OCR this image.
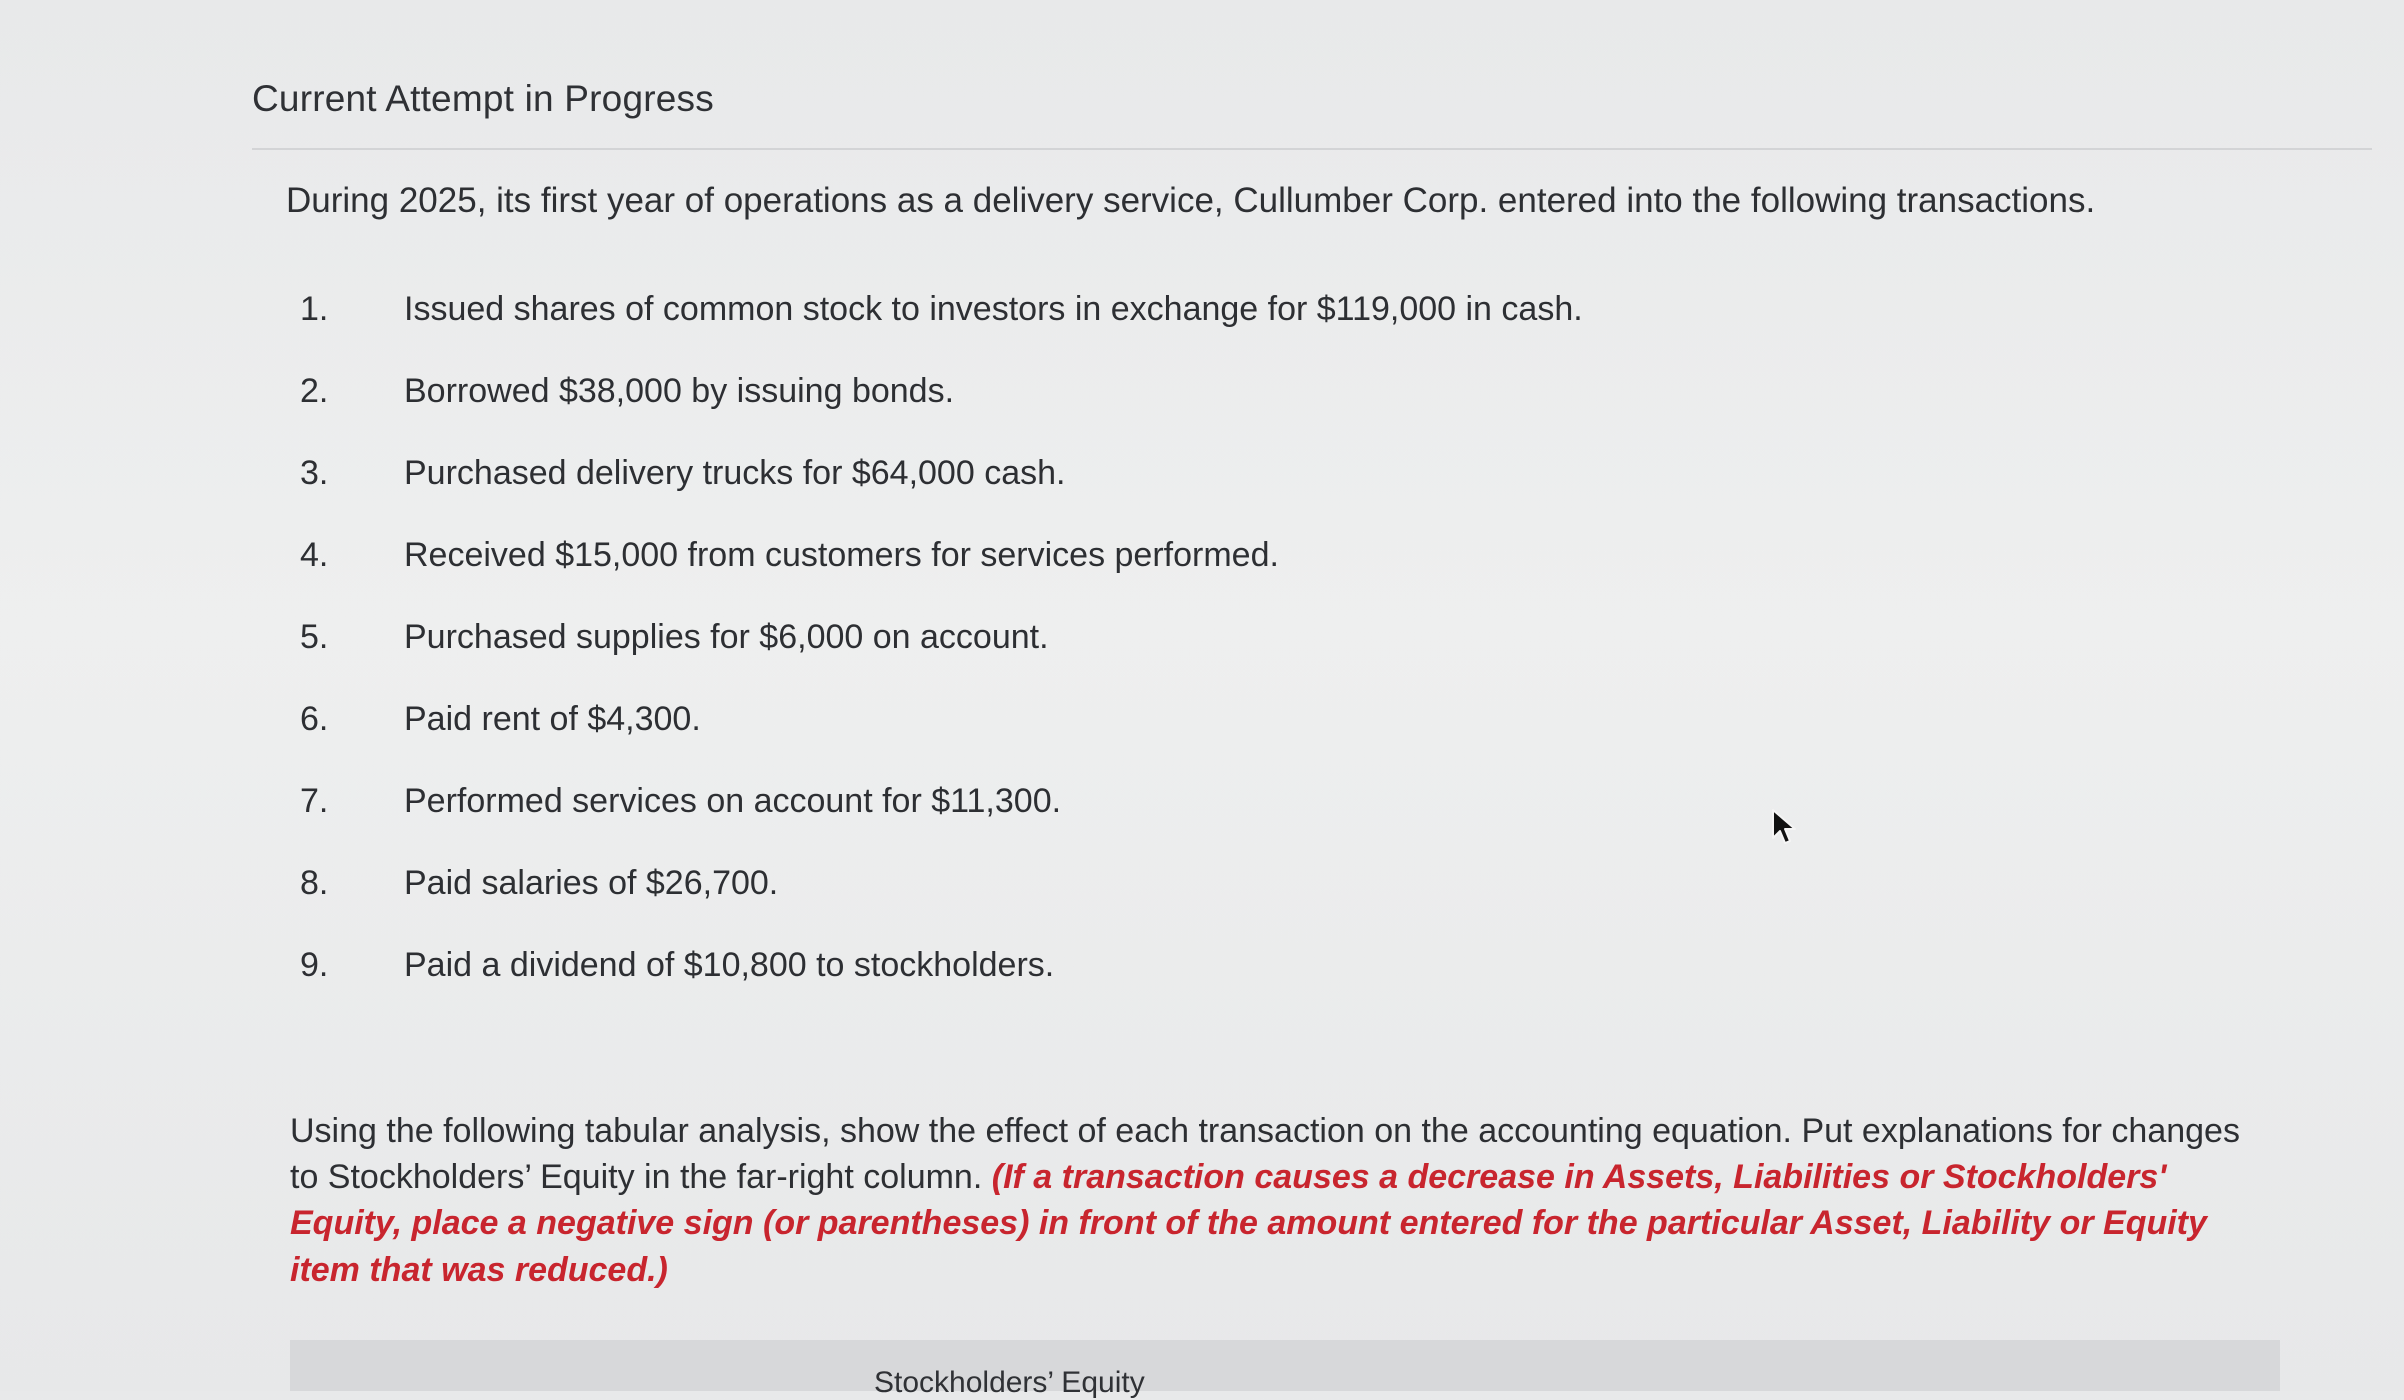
Current Attempt in Progress
During 2025, its first year of operations as a delivery service, Cullumber Corp. entered into the following transactions.
1.	Issued shares of common stock to investors in exchange for $119,000 in cash.
2.	Borrowed $38,000 by issuing bonds.
3.	Purchased delivery trucks for $64,000 cash.
4.	Received $15,000 from customers for services performed.
5.	Purchased supplies for $6,000 on account.
6.	Paid rent of $4,300.
7.	Performed services on account for $11,300.
8.	Paid salaries of $26,700.
9.	Paid a dividend of $10,800 to stockholders.
Using the following tabular analysis, show the effect of each transaction on the accounting equation. Put explanations for changes to Stockholders’ Equity in the far-right column. (If a transaction causes a decrease in Assets, Liabilities or Stockholders' Equity, place a negative sign (or parentheses) in front of the amount entered for the particular Asset, Liability or Equity item that was reduced.)
Stockholders’ Equity
